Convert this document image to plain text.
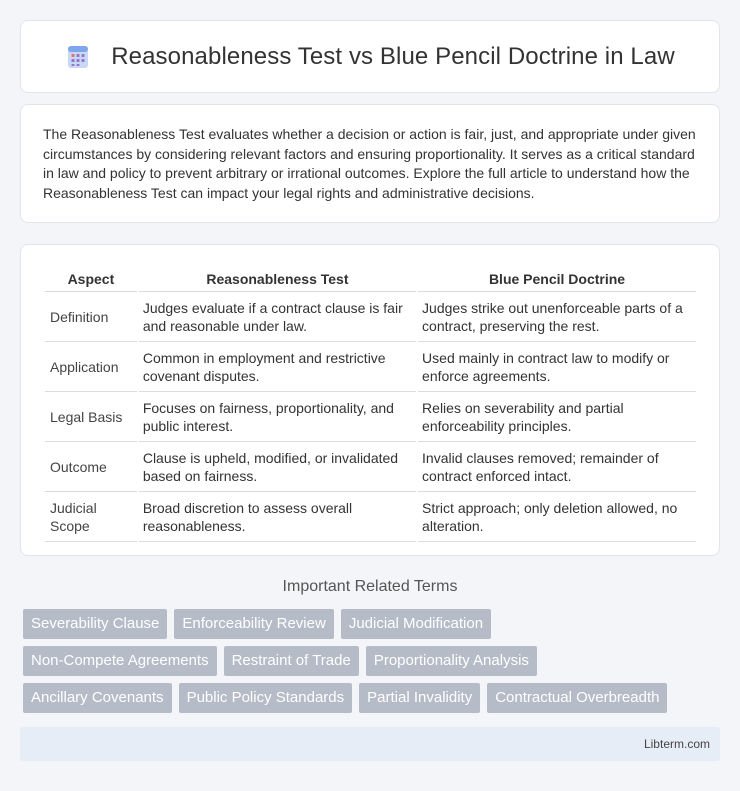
Reasonableness Test vs Blue Pencil Doctrine in Law

The Reasonableness Test evaluates whether a decision or action is fair, just, and appropriate under given circumstances by considering relevant factors and ensuring proportionality. It serves as a critical standard in law and policy to prevent arbitrary or irrational outcomes. Explore the full article to understand how the Reasonableness Test can impact your legal rights and administrative decisions.

Aspect	Reasonableness Test	Blue Pencil Doctrine
Definition	Judges evaluate if a contract clause is fair and reasonable under law.	Judges strike out unenforceable parts of a contract, preserving the rest.
Application	Common in employment and restrictive covenant disputes.	Used mainly in contract law to modify or enforce agreements.
Legal Basis	Focuses on fairness, proportionality, and public interest.	Relies on severability and partial enforceability principles.
Outcome	Clause is upheld, modified, or invalidated based on fairness.	Invalid clauses removed; remainder of contract enforced intact.
Judicial Scope	Broad discretion to assess overall reasonableness.	Strict approach; only deletion allowed, no alteration.
Important Related Terms
Severability Clause	Enforceability Review	Judicial Modification
Non-Compete Agreements	Restraint of Trade	Proportionality Analysis
Ancillary Covenants	Public Policy Standards	Partial Invalidity	Contractual Overbreadth
Libterm.com
